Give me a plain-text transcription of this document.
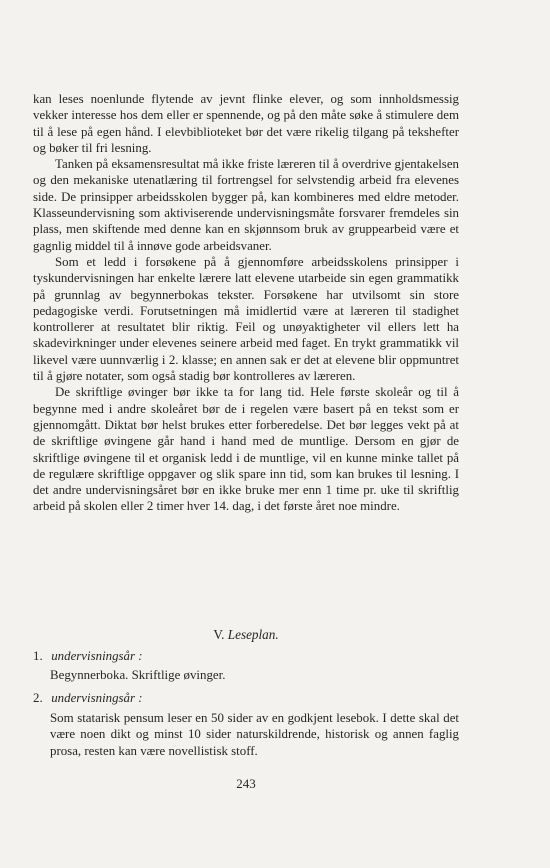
kan leses noenlunde flytende av jevnt flinke elever, og som innholdsmessig vekker interesse hos dem eller er spennende, og på den måte søke å stimulere dem til å lese på egen hånd. I elevbiblioteket bør det være rikelig tilgang på tekshefter og bøker til fri lesning.

Tanken på eksamensresultat må ikke friste læreren til å overdrive gjentakelsen og den mekaniske utenatlæring til fortrengsel for selvstendig arbeid fra elevenes side. De prinsipper arbeidsskolen bygger på, kan kombineres med eldre metoder. Klasseundervisning som aktiviserende undervisningsmåte forsvarer fremdeles sin plass, men skiftende med denne kan en skjønnsom bruk av gruppearbeid være et gagnlig middel til å innøve gode arbeidsvaner.

Som et ledd i forsøkene på å gjennomføre arbeidsskolens prinsipper i tyskundervisningen har enkelte lærere latt elevene utarbeide sin egen grammatikk på grunnlag av begynnerbokas tekster. Forsøkene har utvilsomt sin store pedagogiske verdi. Forutsetningen må imidlertid være at læreren til stadighet kontrollerer at resultatet blir riktig. Feil og unøyaktigheter vil ellers lett ha skadevirkninger under elevenes seinere arbeid med faget. En trykt grammatikk vil likevel være uunnværlig i 2. klasse; en annen sak er det at elevene blir oppmuntret til å gjøre notater, som også stadig bør kontrolleres av læreren.

De skriftlige øvinger bør ikke ta for lang tid. Hele første skoleår og til å begynne med i andre skoleåret bør de i regelen være basert på en tekst som er gjennomgått. Diktat bør helst brukes etter forberedelse. Det bør legges vekt på at de skriftlige øvingene går hand i hand med de muntlige. Dersom en gjør de skriftlige øvingene til et organisk ledd i de muntlige, vil en kunne minke tallet på de regulære skriftlige oppgaver og slik spare inn tid, som kan brukes til lesning. I det andre undervisningsåret bør en ikke bruke mer enn 1 time pr. uke til skriftlig arbeid på skolen eller 2 timer hver 14. dag, i det første året noe mindre.

V. Leseplan.
1. undervisningsår :
Begynnerboka. Skriftlige øvinger.
2. undervisningsår :
Som statarisk pensum leser en 50 sider av en godkjent lesebok. I dette skal det være noen dikt og minst 10 sider naturskildrende, historisk og annen faglig prosa, resten kan være novellistisk stoff.
243
